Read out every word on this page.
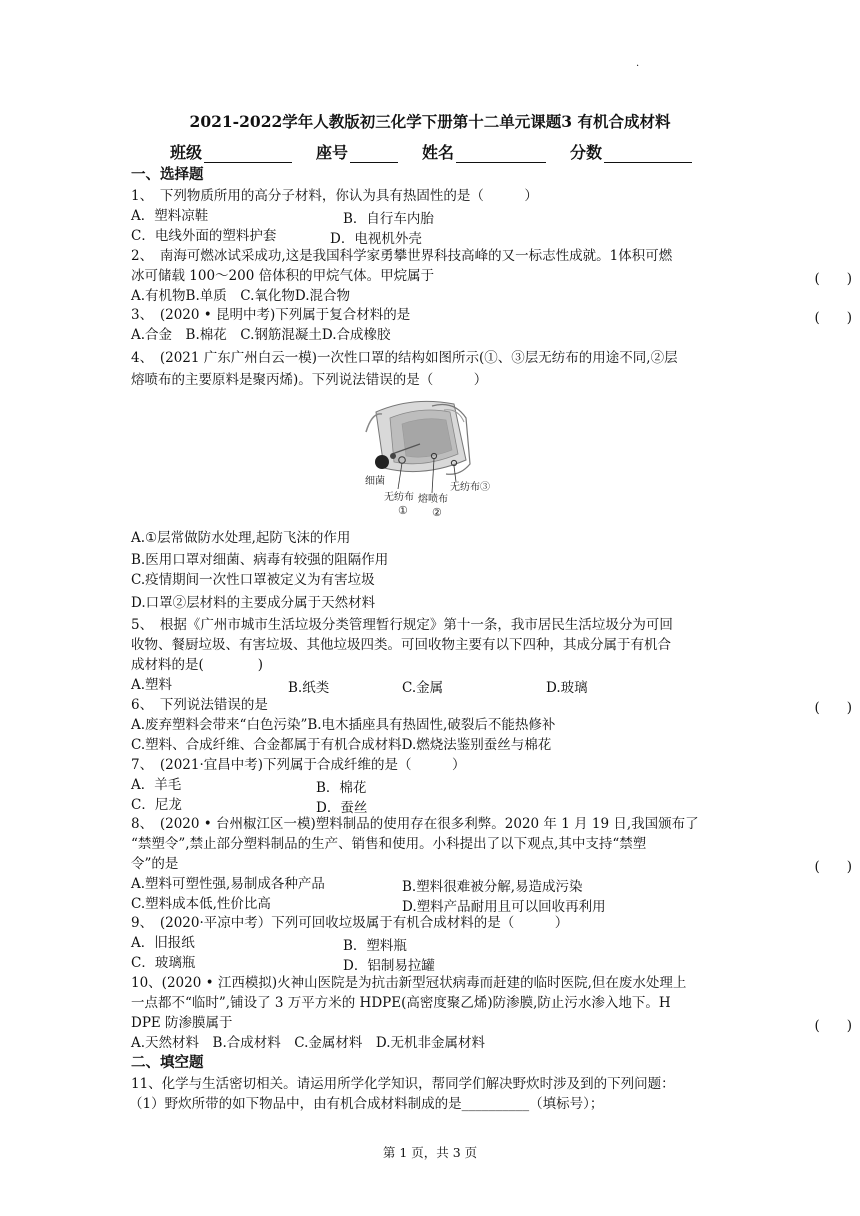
.
2021-2022学年人教版初三化学下册第十二单元课题3 有机合成材料
班级	座号	姓名	分数
一、选择题
1、　下列物质所用的高分子材料，你认为具有热固性的是（　　　）
A．塑料凉鞋	B．自行车内胎
C．电线外面的塑料护套	D．电视机外壳
2、　南海可燃冰试采成功,这是我国科学家勇攀世界科技高峰的又一标志性成就。1体积可燃
冰可储载 100～200 倍体积的甲烷气体。甲烷属于	(　　)
A.有机物B.单质　C.氧化物D.混合物
3、　(2020 • 昆明中考)下列属于复合材料的是	(　　)
A.合金　B.棉花　C.钢筋混凝土D.合成橡胶
4、　(2021 广东广州白云一模)一次性口罩的结构如图所示(①、③层无纺布的用途不同,②层
熔喷布的主要原料是聚丙烯)。下列说法错误的是（　　　）
细菌
无纺布
①
熔喷布
②
无纺布③
A.①层常做防水处理,起防飞沫的作用
B.医用口罩对细菌、病毒有较强的阻隔作用
C.疫情期间一次性口罩被定义为有害垃圾
D.口罩②层材料的主要成分属于天然材料
5、　根据《广州市城市生活垃圾分类管理暂行规定》第十一条，我市居民生活垃圾分为可回
收物、餐厨垃圾、有害垃圾、其他垃圾四类。可回收物主要有以下四种，其成分属于有机合
成材料的是(　　　　)
A.塑料	B.纸类	C.金属	D.玻璃
6、　下列说法错误的是	(　　)
A.废弃塑料会带来“白色污染”B.电木插座具有热固性,破裂后不能热修补
C.塑料、合成纤维、合金都属于有机合成材料D.燃烧法鉴别蚕丝与棉花
7、　(2021·宜昌中考)下列属于合成纤维的是（　　　）
A．羊毛	B．棉花
C．尼龙	D．蚕丝
8、　(2020 • 台州椒江区一模)塑料制品的使用存在很多利弊。2020 年 1 月 19 日,我国颁布了
“禁塑令”,禁止部分塑料制品的生产、销售和使用。小科提出了以下观点,其中支持“禁塑
令”的是	(　　)
A.塑料可塑性强,易制成各种产品	B.塑料很难被分解,易造成污染
C.塑料成本低,性价比高	D.塑料产品耐用且可以回收再利用
9、　(2020·平凉中考）下列可回收垃圾属于有机合成材料的是（　　　）
A．旧报纸	B．塑料瓶
C．玻璃瓶	D．铝制易拉罐
10、(2020 • 江西模拟)火神山医院是为抗击新型冠状病毒而赶建的临时医院,但在废水处理上
一点都不“临时”,铺设了 3 万平方米的 HDPE(高密度聚乙烯)防渗膜,防止污水渗入地下。H
DPE 防渗膜属于	(　　)
A.天然材料　B.合成材料　C.金属材料　D.无机非金属材料
二、填空题
11、化学与生活密切相关。请运用所学化学知识，帮同学们解决野炊时涉及到的下列问题：
（1）野炊所带的如下物品中，由有机合成材料制成的是__________（填标号）；
第 1 页，共 3 页
